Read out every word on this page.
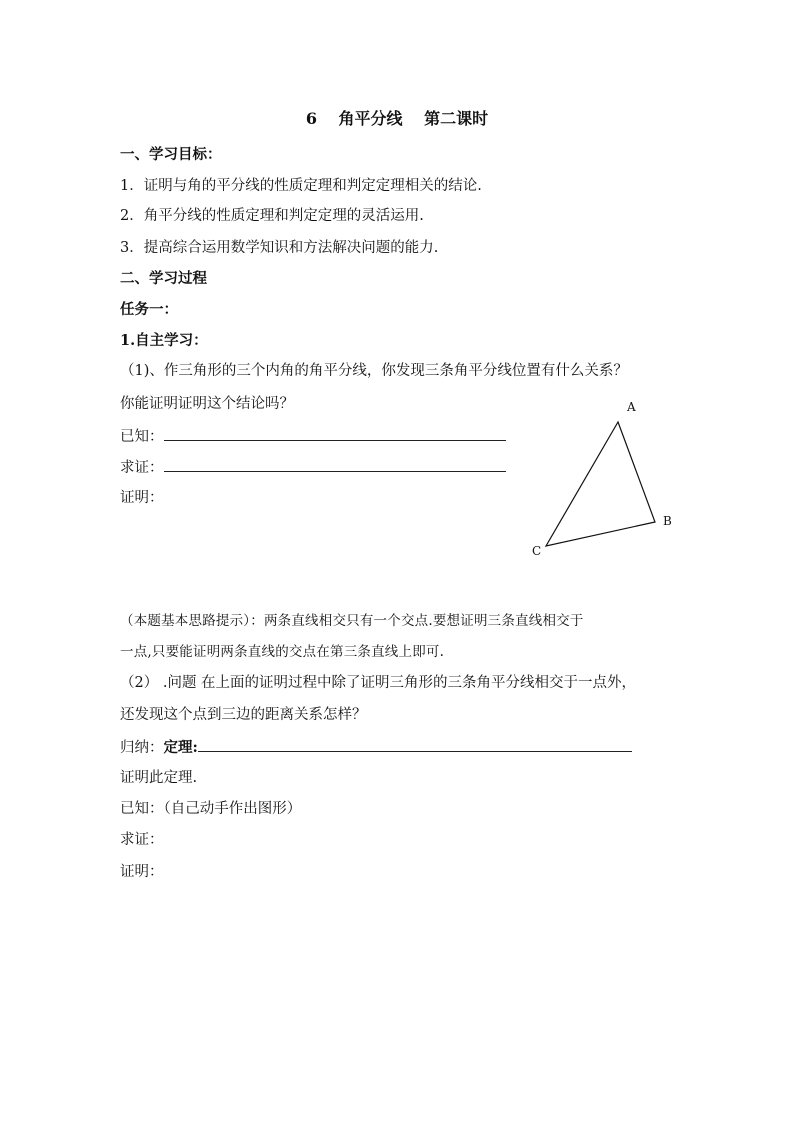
6 角平分线 第二课时
一、学习目标：
1．证明与角的平分线的性质定理和判定定理相关的结论.
2．角平分线的性质定理和判定定理的灵活运用.
3．提高综合运用数学知识和方法解决问题的能力.
二、学习过程
任务一：
1.自主学习：
（1)、作三角形的三个内角的角平分线，你发现三条角平分线位置有什么关系？
你能证明证明这个结论吗？
已知：
求证：
证明：
A
B
C
（本题基本思路提示）：两条直线相交只有一个交点.要想证明三条直线相交于
一点,只要能证明两条直线的交点在第三条直线上即可.
（2） .问题 在上面的证明过程中除了证明三角形的三条角平分线相交于一点外，
还发现这个点到三边的距离关系怎样？
归纳：定理:
证明此定理.
已知：（自己动手作出图形）
求证：
证明：
